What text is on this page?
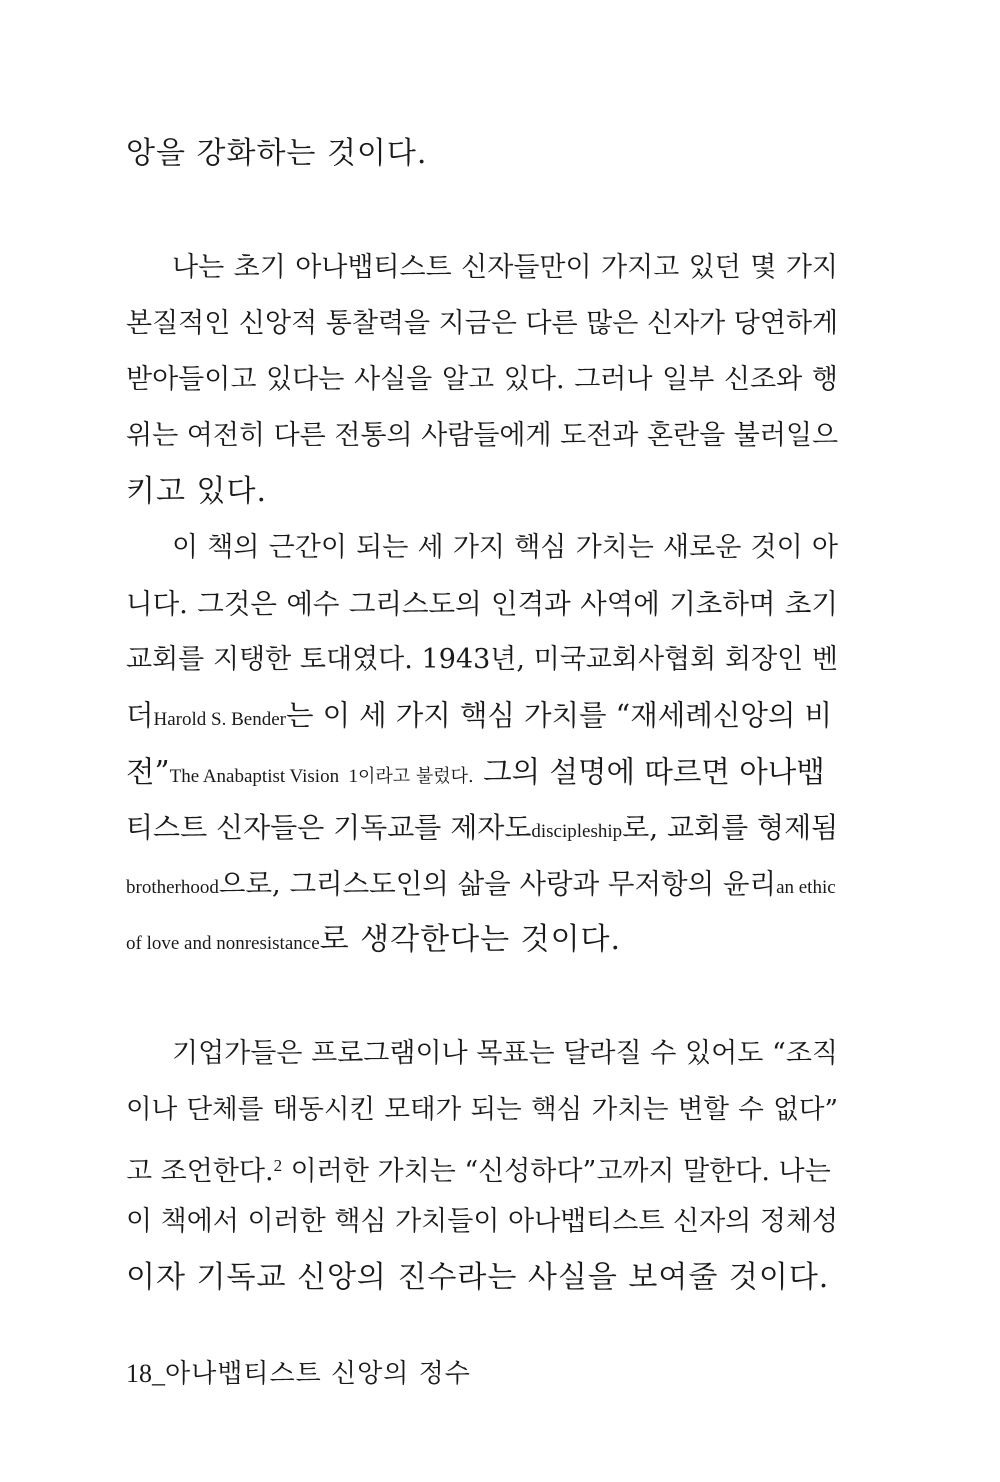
앙을 강화하는 것이다.
나는 초기 아나뱁티스트 신자들만이 가지고 있던 몇 가지
본질적인 신앙적 통찰력을 지금은 다른 많은 신자가 당연하게
받아들이고 있다는 사실을 알고 있다. 그러나 일부 신조와 행
위는 여전히 다른 전통의 사람들에게 도전과 혼란을 불러일으
키고 있다.
이 책의 근간이 되는 세 가지 핵심 가치는 새로운 것이 아
니다. 그것은 예수 그리스도의 인격과 사역에 기초하며 초기
교회를 지탱한 토대였다. 1943년, 미국교회사협회 회장인 벤
더Harold S. Bender는 이 세 가지 핵심 가치를 “재세례신앙의 비
전”The Anabaptist Vision 1이라고 불렀다. 그의 설명에 따르면 아나뱁
티스트 신자들은 기독교를 제자도discipleship로, 교회를 형제됨
brotherhood으로, 그리스도인의 삶을 사랑과 무저항의 윤리an ethic
of love and nonresistance로 생각한다는 것이다.
기업가들은 프로그램이나 목표는 달라질 수 있어도 “조직
이나 단체를 태동시킨 모태가 되는 핵심 가치는 변할 수 없다”
고 조언한다.$^2$ 이러한 가치는 “신성하다”고까지 말한다. 나는
이 책에서 이러한 핵심 가치들이 아나뱁티스트 신자의 정체성
이자 기독교 신앙의 진수라는 사실을 보여줄 것이다.
18_아나뱁티스트 신앙의 정수
